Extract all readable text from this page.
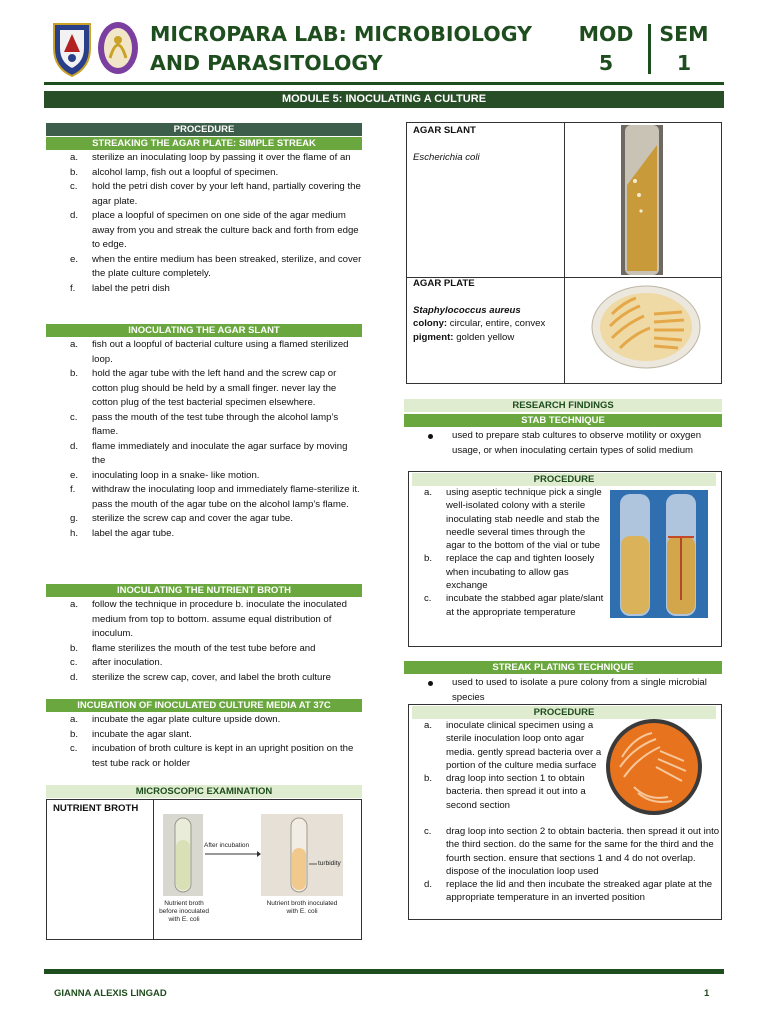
MICROPARA LAB: MICROBIOLOGY
AND PARASITOLOGY
MOD
5
SEM
1
MODULE 5: INOCULATING A CULTURE
PROCEDURE
STREAKING THE AGAR PLATE: SIMPLE STREAK
a. sterilize an inoculating loop by passing it over the flame of an
b. alcohol lamp, fish out a loopful of specimen.
c. hold the petri dish cover by your left hand, partially covering the agar plate.
d. place a loopful of specimen on one side of the agar medium away from you and streak the culture back and forth from edge to edge.
e. when the entire medium has been streaked, sterilize, and cover the plate culture completely.
f. label the petri dish
INOCULATING THE AGAR SLANT
a. fish out a loopful of bacterial culture using a flamed sterilized loop.
b. hold the agar tube with the left hand and the screw cap or cotton plug should be held by a small finger. never lay the cotton plug of the test bacterial specimen elsewhere.
c. pass the mouth of the test tube through the alcohol lamp’s flame.
d. flame immediately and inoculate the agar surface by moving the
e. inoculating loop in a snake- like motion.
f. withdraw the inoculating loop and immediately flame-sterilize it. pass the mouth of the agar tube on the alcohol lamp’s flame.
g. sterilize the screw cap and cover the agar tube.
h. label the agar tube.
INOCULATING THE NUTRIENT BROTH
a. follow the technique in procedure b. inoculate the inoculated medium from top to bottom. assume equal distribution of inoculum.
b. flame sterilizes the mouth of the test tube before and
c. after inoculation.
d. sterilize the screw cap, cover, and label the broth culture
INCUBATION OF INOCULATED CULTURE MEDIA AT 37C
a. incubate the agar plate culture upside down.
b. incubate the agar slant.
c. incubation of broth culture is kept in an upright position on the test tube rack or holder
MICROSCOPIC EXAMINATION
NUTRIENT BROTH
After incubation
turbidity
Nutrient broth before inoculated with E. coli
Nutrient broth inoculated with E. coli
AGAR SLANT
Escherichia coli
AGAR PLATE
Staphylococcus aureus
colony: circular, entire, convex
pigment: golden yellow
RESEARCH FINDINGS
STAB TECHNIQUE
used to prepare stab cultures to observe motility or oxygen usage, or when inoculating certain types of solid medium
PROCEDURE
a. using aseptic technique pick a single well-isolated colony with a sterile inoculating stab needle and stab the needle several times through the agar to the bottom of the vial or tube
b. replace the cap and tighten loosely when incubating to allow gas exchange
c. incubate the stabbed agar plate/slant at the appropriate temperature
STREAK PLATING TECHNIQUE
used to used to isolate a pure colony from a single microbial species
PROCEDURE
a. inoculate clinical specimen using a sterile inoculation loop onto agar media. gently spread bacteria over a portion of the culture media surface
b. drag loop into section 1 to obtain bacteria. then spread it out into a second section
c. drag loop into section 2 to obtain bacteria. then spread it out into the third section. do the same for the same for the third and the fourth section. ensure that sections 1 and 4 do not overlap. dispose of the inoculation loop used
d. replace the lid and then incubate the streaked agar plate at the appropriate temperature in an inverted position
GIANNA ALEXIS LINGAD	1
